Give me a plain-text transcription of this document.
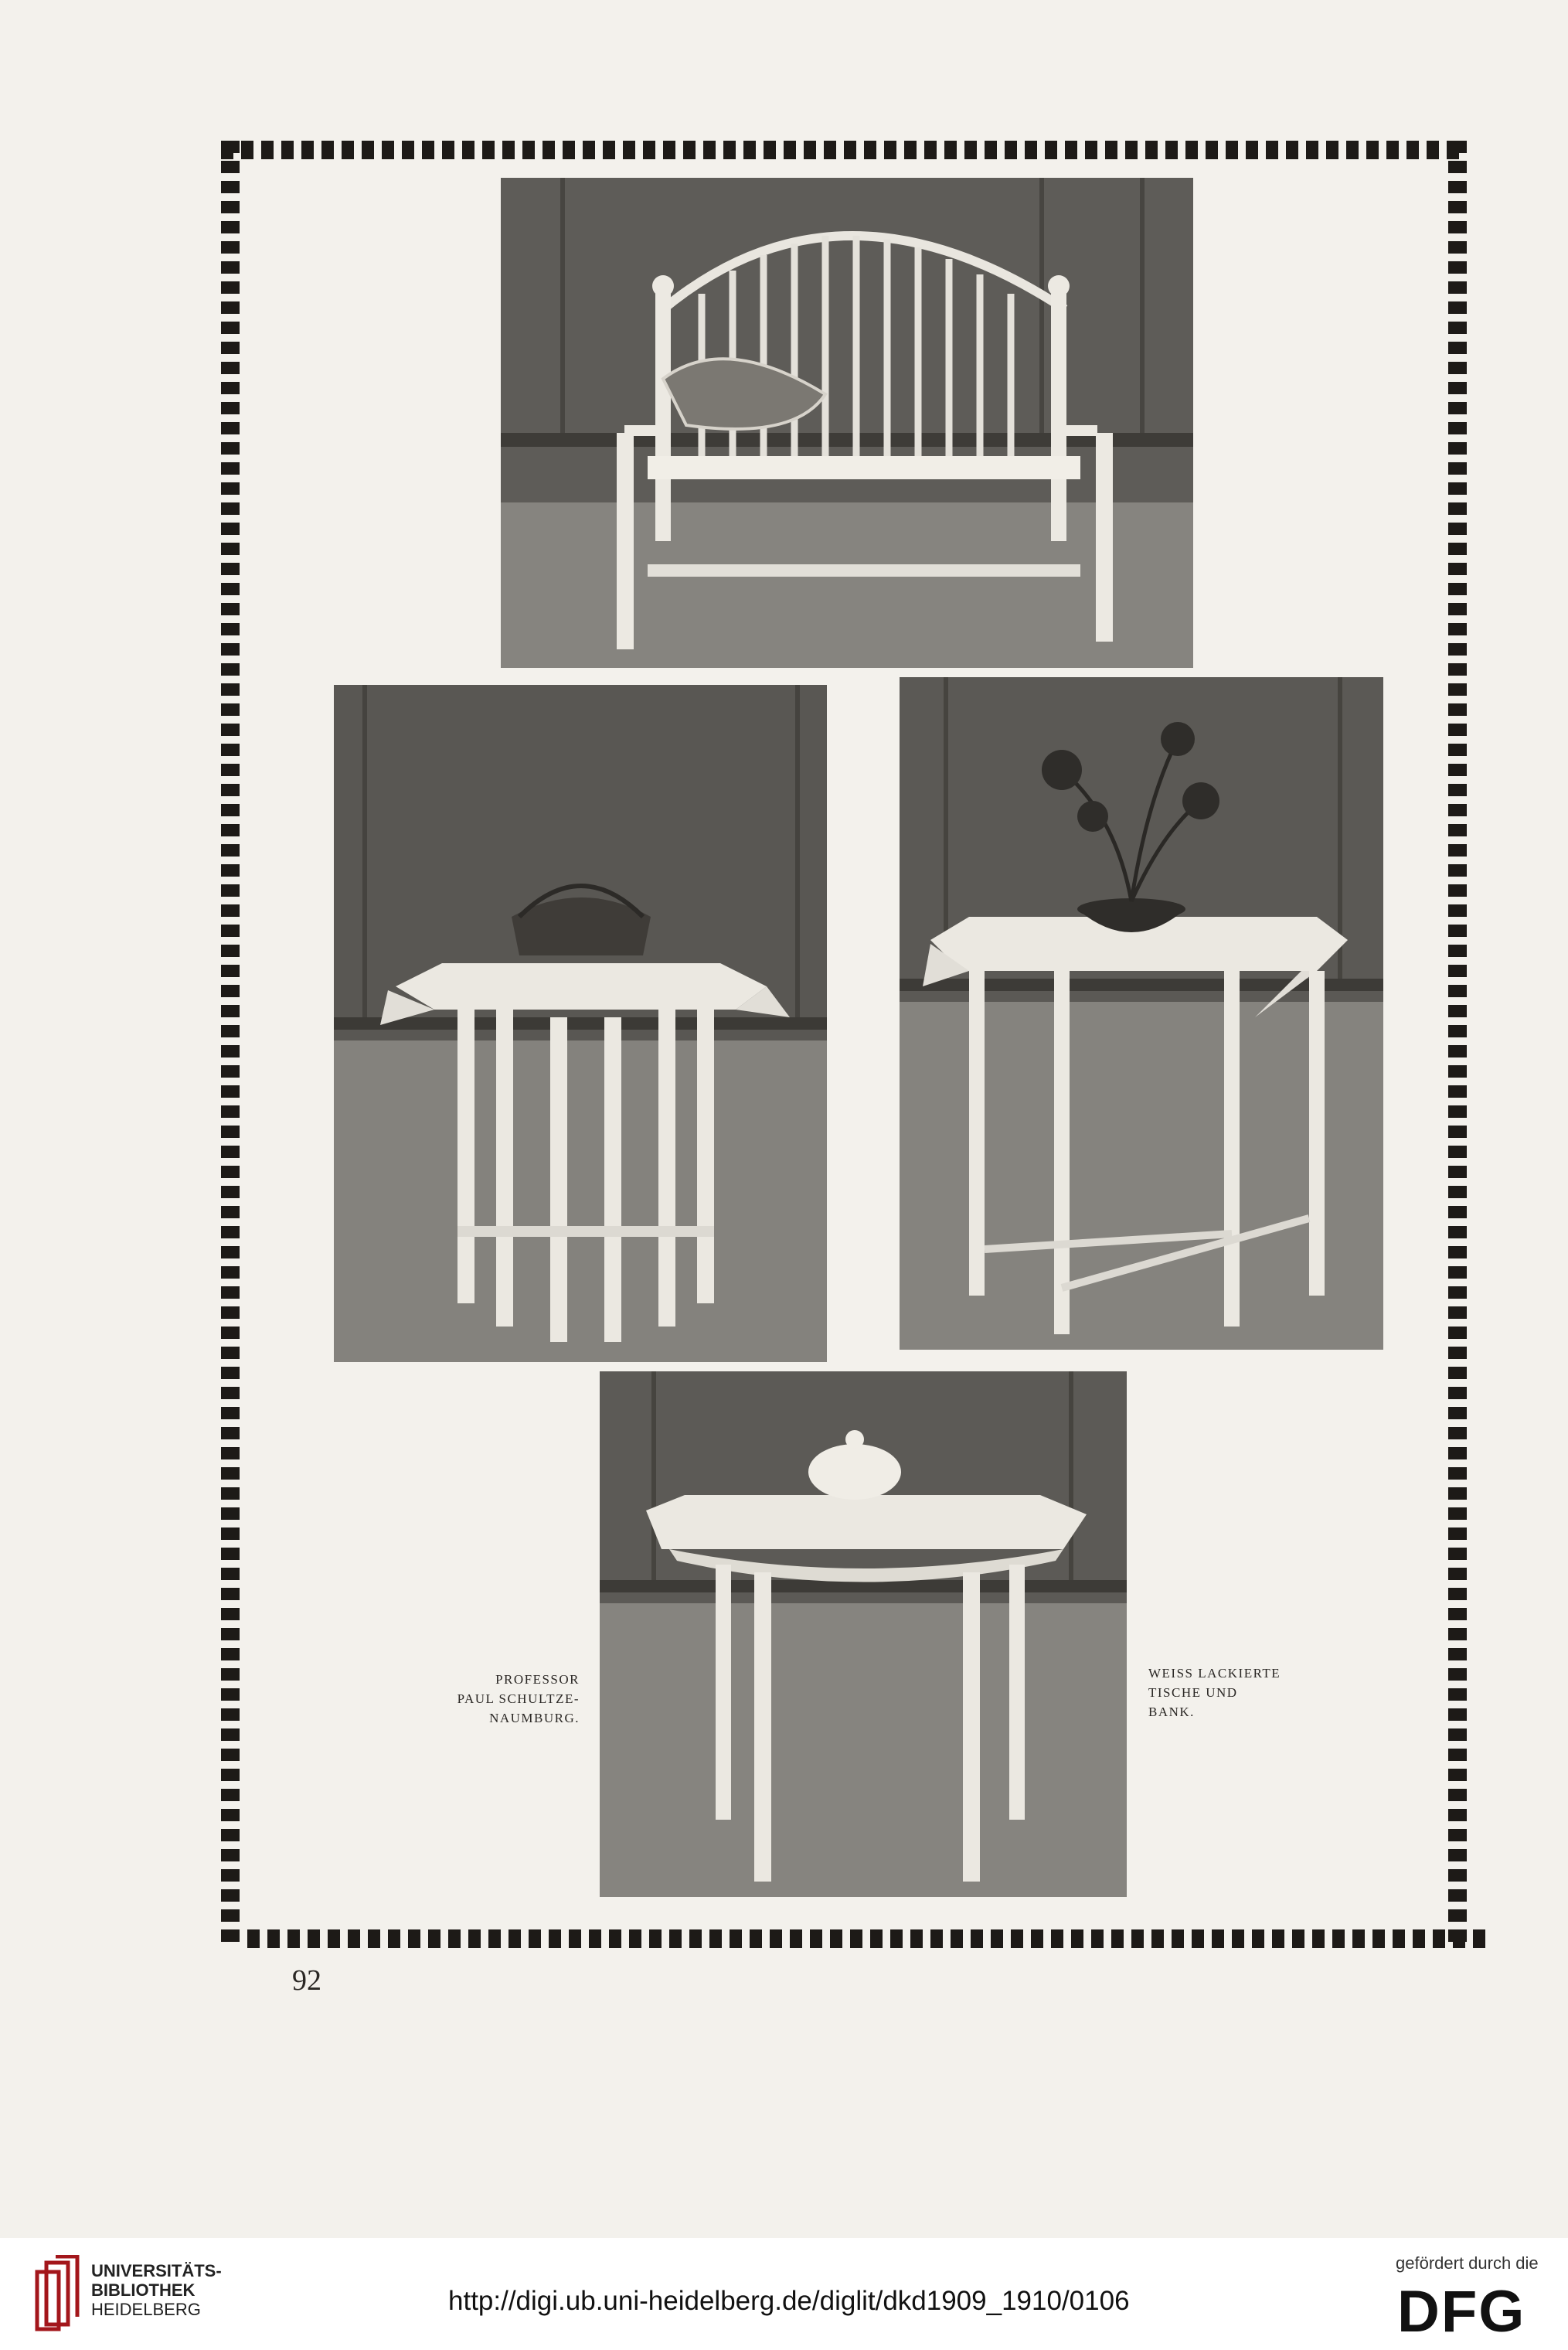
PROFESSOR
PAUL SCHULTZE-
NAUMBURG.
WEISS LACKIERTE
TISCHE UND
BANK.
92
UNIVERSITÄTS-
BIBLIOTHEK
HEIDELBERG	http://digi.ub.uni-heidelberg.de/diglit/dkd1909_1910/0106
gefördert durch die
DFG
